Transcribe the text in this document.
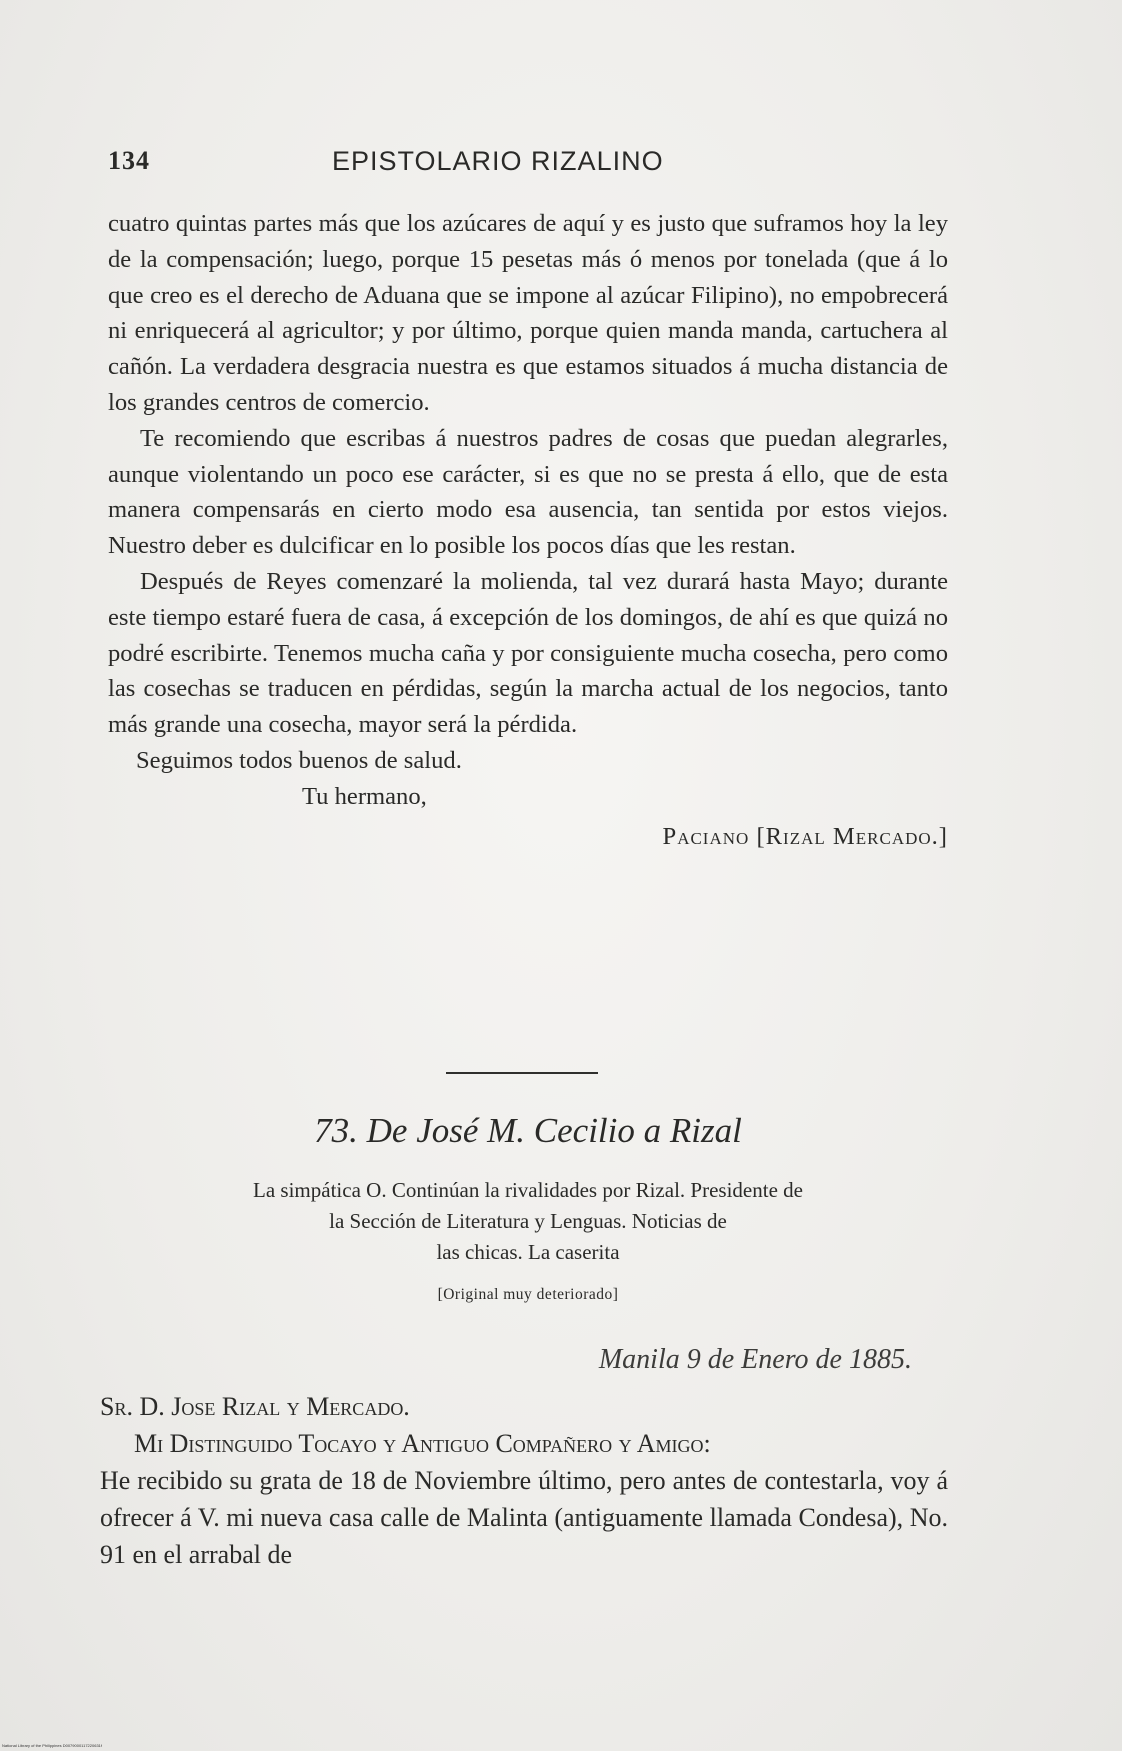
134	EPISTOLARIO RIZALINO

cuatro quintas partes más que los azúcares de aquí y es justo que suframos hoy la ley de la compensación; luego, porque 15 pesetas más ó menos por tonelada (que á lo que creo es el derecho de Aduana que se impone al azúcar Filipino), no empobrecerá ni enriquecerá al agricultor; y por último, porque quien manda manda, cartuchera al cañón. La verdadera desgracia nuestra es que estamos situados á mucha distancia de los grandes centros de comercio.

Te recomiendo que escribas á nuestros padres de cosas que puedan alegrarles, aunque violentando un poco ese carácter, si es que no se presta á ello, que de esta manera compensarás en cierto modo esa ausencia, tan sentida por estos viejos. Nuestro deber es dulcificar en lo posible los pocos días que les restan.

Después de Reyes comenzaré la molienda, tal vez durará hasta Mayo; durante este tiempo estaré fuera de casa, á excepción de los domingos, de ahí es que quizá no podré escribirte. Tenemos mucha caña y por consiguiente mucha cosecha, pero como las cosechas se traducen en pérdidas, según la marcha actual de los negocios, tanto más grande una cosecha, mayor será la pérdida.

Seguimos todos buenos de salud.

Tu hermano,

Paciano [Rizal Mercado.]

73. De José M. Cecilio a Rizal
La simpática O. Continúan la rivalidades por Rizal. Presidente de
la Sección de Literatura y Lenguas. Noticias de
las chicas. La caserita
[Original muy deteriorado]
Manila 9 de Enero de 1885.

Sr. D. Jose Rizal y Mercado.

Mi Distinguido Tocayo y Antiguo Compañero y Amigo:

He recibido su grata de 18 de Noviembre último, pero antes de contestarla, voy á ofrecer á V. mi nueva casa calle de Malinta (antiguamente llamada Condesa), No. 91 en el arrabal de

National Library of the Philippines D0079000117220631f
